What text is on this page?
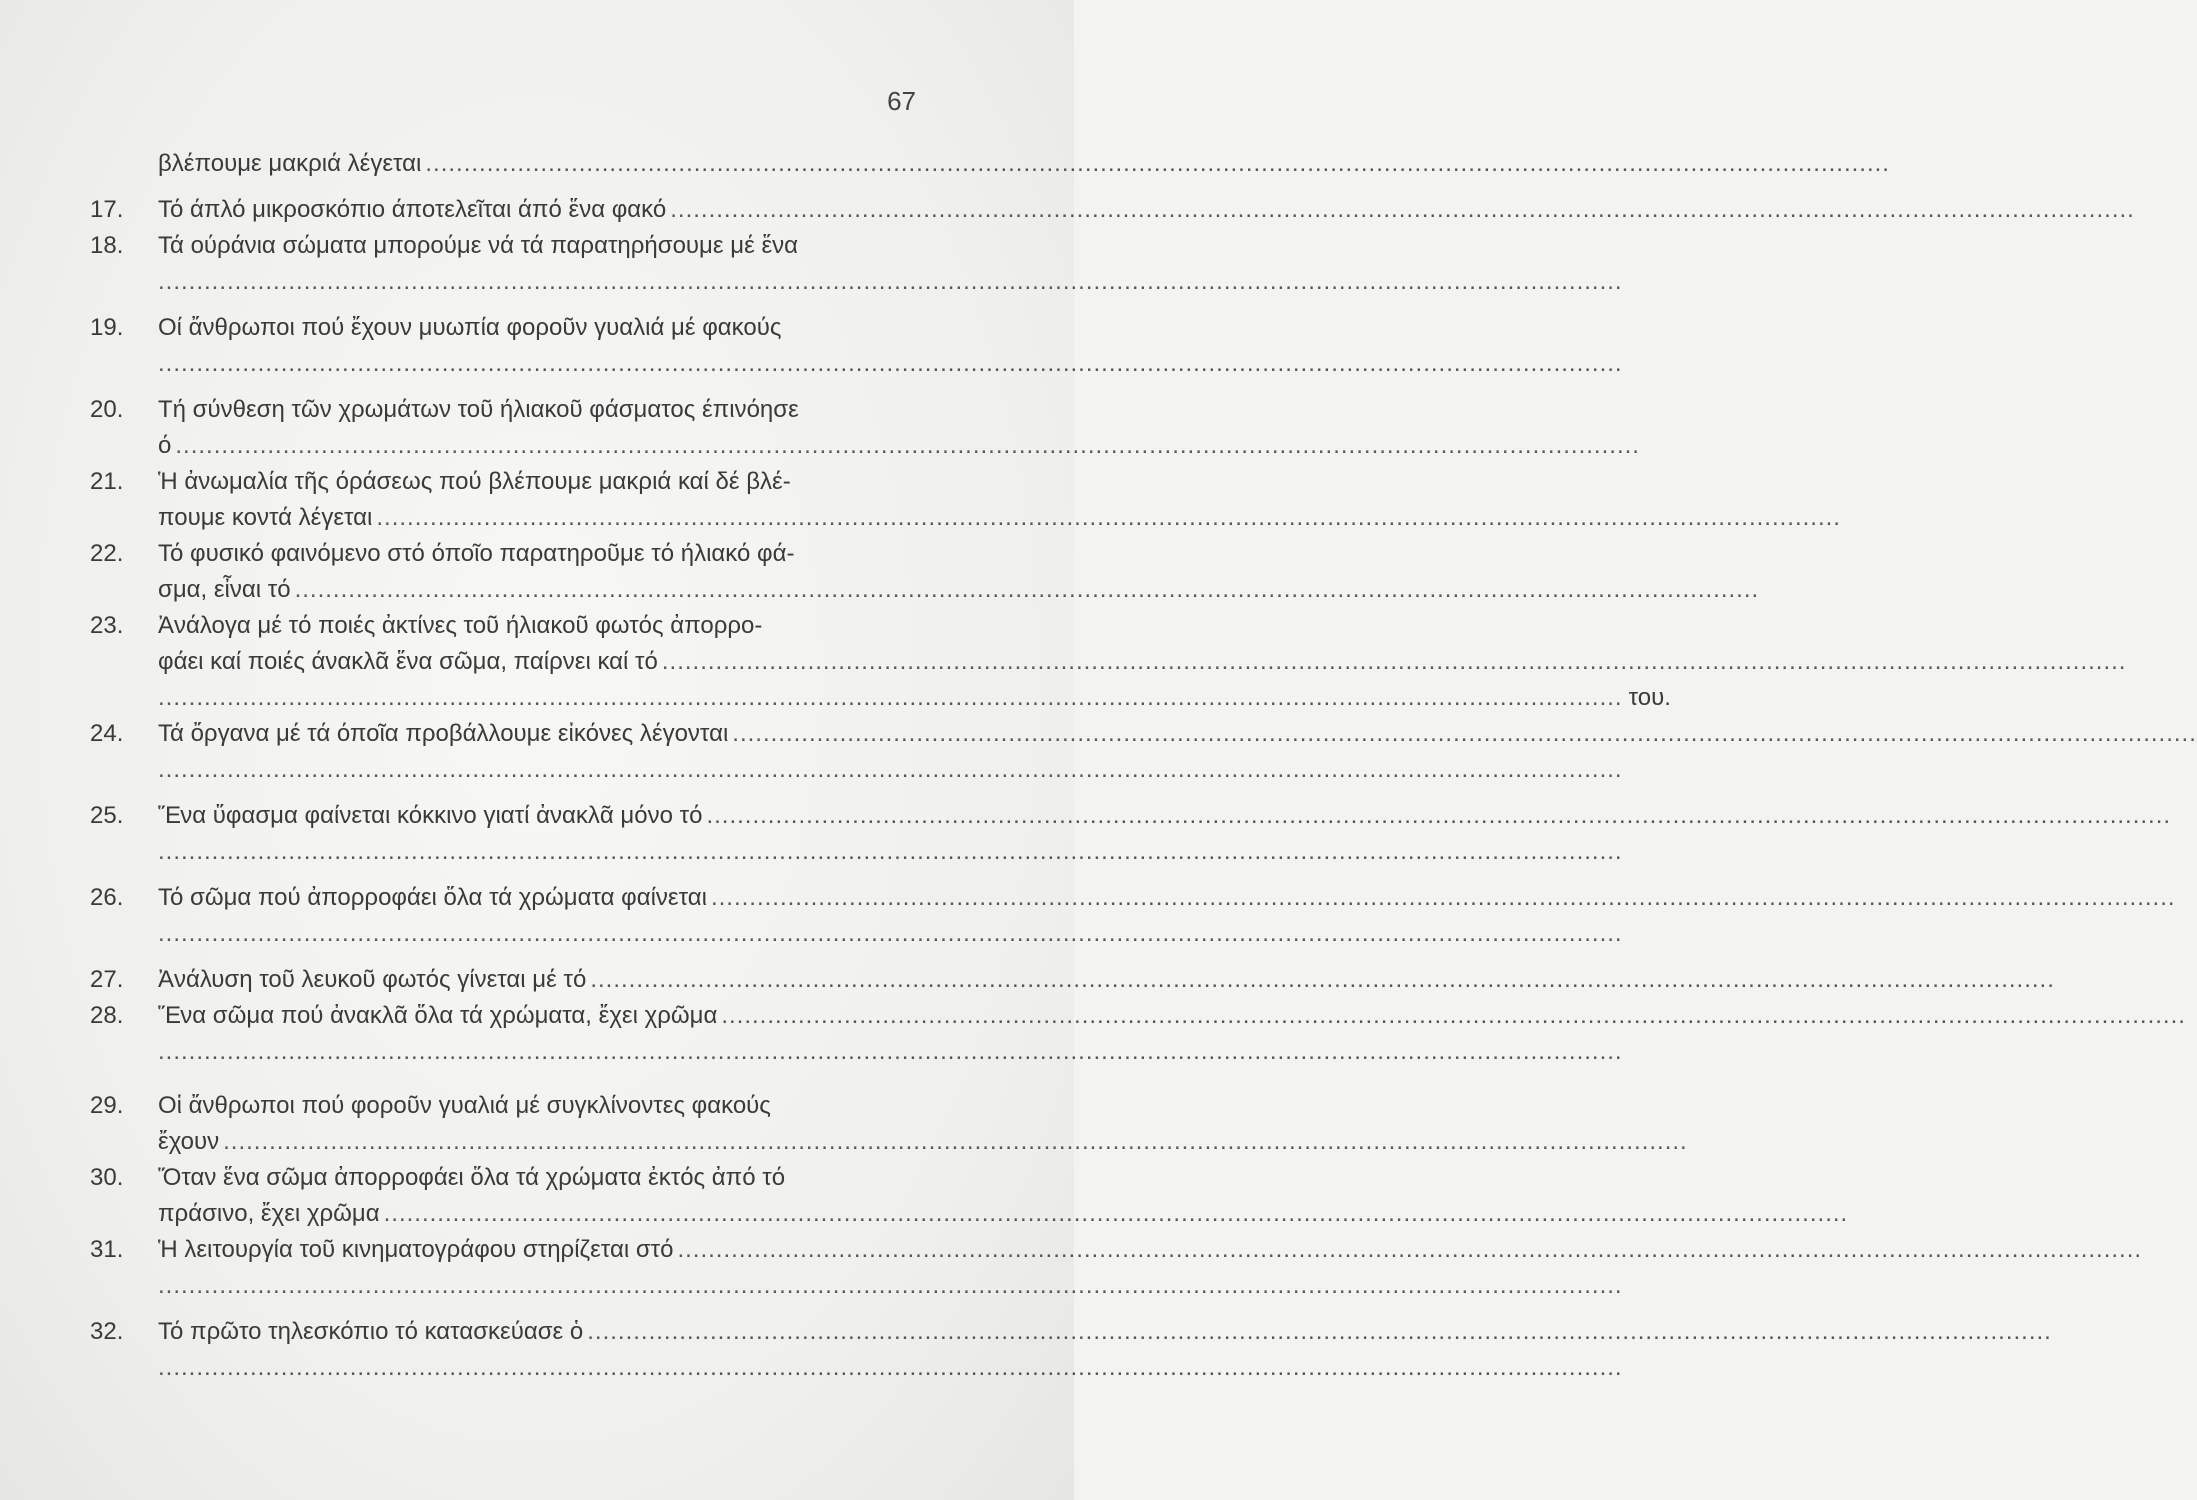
67
βλέπουμε μακριά λέγεται ...............................................................................................................................................................................................
17.	Τό άπλό μικροσκόπιο άποτελεῖται άπό ἕνα φακό ...............................................................................................................................................................................................
18.	Τά ούράνια σώματα μπορούμε νά τά παρατηρήσουμε μέ ἕνα
...............................................................................................................................................................................................
19.	Οί ἄνθρωποι πού ἔχουν μυωπία φοροῦν γυαλιά μέ φακούς
...............................................................................................................................................................................................
20.	Τή σύνθεση τῶν χρωμάτων τοῦ ήλιακοῦ φάσματος έπινόησε
ό ...............................................................................................................................................................................................
21.	Ἡ ἀνωμαλία τῆς όράσεως πού βλέπουμε μακριά καί δέ βλέ-
πουμε κοντά λέγεται ...............................................................................................................................................................................................
22.	Τό φυσικό φαινόμενο στό όποῖο παρατηροῦμε τό ήλιακό φά-
σμα, εἶναι τό ...............................................................................................................................................................................................
23.	Ἀνάλογα μέ τό ποιές ἀκτίνες τοῦ ήλιακοῦ φωτός ἀπορρο-
φάει καί ποιές άνακλᾶ ἕνα σῶμα, παίρνει καί τό ...............................................................................................................................................................................................
............................................................................................................................................................................................... του.
24.	Τά ὄργανα μέ τά όποῖα προβάλλουμε εἰκόνες λέγονται ...............................................................................................................................................................................................
...............................................................................................................................................................................................
25.	Ἕνα ὕφασμα φαίνεται κόκκινο γιατί ἀνακλᾶ μόνο τό ...............................................................................................................................................................................................
...............................................................................................................................................................................................
26.	Τό σῶμα πού ἀπορροφάει ὅλα τά χρώματα φαίνεται ...............................................................................................................................................................................................
...............................................................................................................................................................................................
27.	Ἀνάλυση τοῦ λευκοῦ φωτός γίνεται μέ τό ...............................................................................................................................................................................................
28.	Ἕνα σῶμα πού ἀνακλᾶ ὅλα τά χρώματα, ἔχει χρῶμα ...............................................................................................................................................................................................
...............................................................................................................................................................................................
29.	Οἱ ἄνθρωποι πού φοροῦν γυαλιά μέ συγκλίνοντες φακούς
ἔχουν ...............................................................................................................................................................................................
30.	Ὅταν ἕνα σῶμα ἀπορροφάει ὅλα τά χρώματα ἐκτός ἀπό τό
πράσινο, ἔχει χρῶμα ...............................................................................................................................................................................................
31.	Ἡ λειτουργία τοῦ κινηματογράφου στηρίζεται στό ...............................................................................................................................................................................................
...............................................................................................................................................................................................
32.	Τό πρῶτο τηλεσκόπιο τό κατασκεύασε ὁ ...............................................................................................................................................................................................
...............................................................................................................................................................................................
